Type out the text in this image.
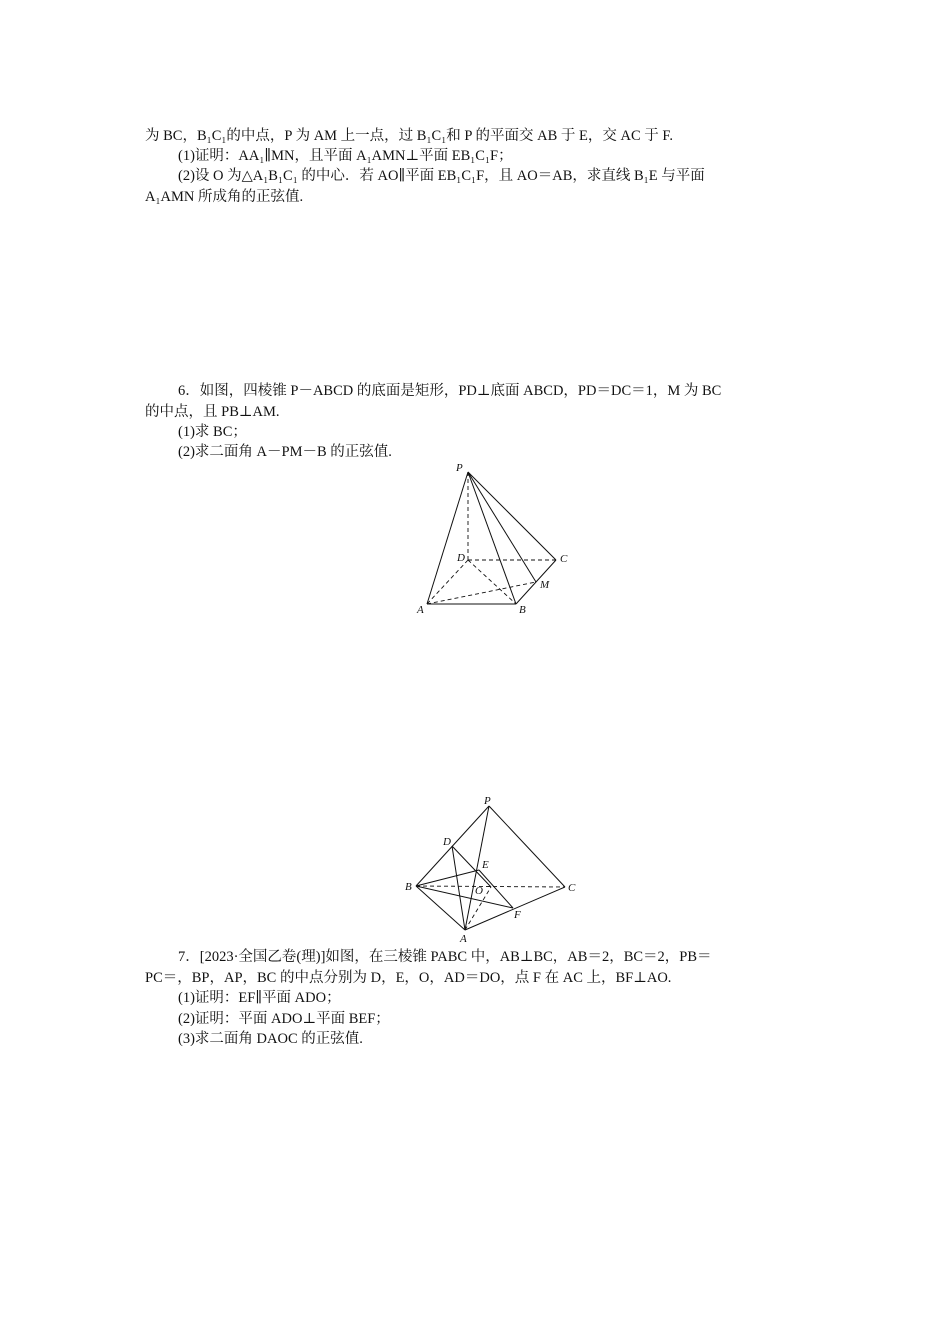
为 BC，B₁C₁的中点，P 为 AM 上一点，过 B₁C₁和 P 的平面交 AB 于 E，交 AC 于 F.
(1)证明：AA₁∥MN，且平面 A₁AMN⊥平面 EB₁C₁F；
(2)设 O 为△A₁B₁C₁ 的中心．若 AO∥平面 EB₁C₁F，且 AO＝AB，求直线 B₁E 与平面
A₁AMN 所成角的正弦值.
6．如图，四棱锥 P－ABCD 的底面是矩形，PD⊥底面 ABCD，PD＝DC＝1，M 为 BC
的中点，且 PB⊥AM.
(1)求 BC；
(2)求二面角 A－PM－B 的正弦值.
P
D	C
M
A	B
P
D
E
B	O	C
F
A
7．[2023·全国乙卷(理)]如图，在三棱锥 PABC 中，AB⊥BC，AB＝2，BC＝2，PB＝
PC＝，BP，AP，BC 的中点分别为 D，E，O，AD＝DO，点 F 在 AC 上，BF⊥AO.
(1)证明：EF∥平面 ADO；
(2)证明：平面 ADO⊥平面 BEF；
(3)求二面角 DAOC 的正弦值.
